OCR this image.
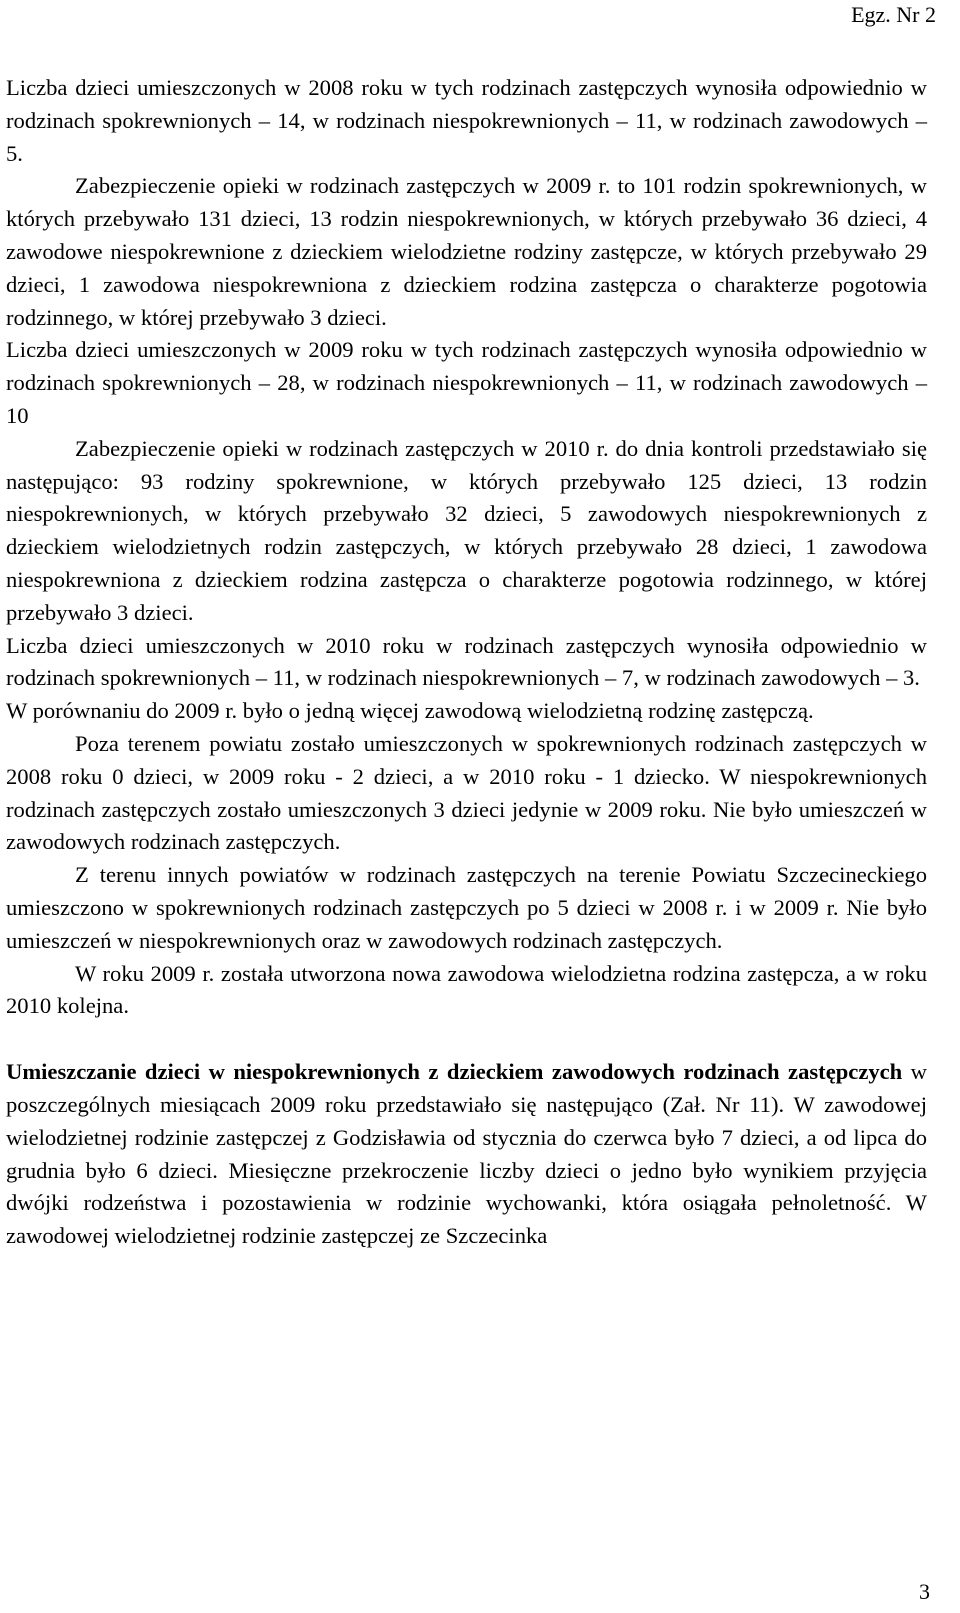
Egz. Nr 2

Liczba dzieci umieszczonych w 2008 roku w tych rodzinach zastępczych wynosiła odpowiednio w rodzinach spokrewnionych – 14, w rodzinach niespokrewnionych – 11, w rodzinach zawodowych – 5.

Zabezpieczenie opieki w rodzinach zastępczych w 2009 r. to 101 rodzin spokrewnionych, w których przebywało 131 dzieci, 13 rodzin niespokrewnionych, w których przebywało 36 dzieci, 4 zawodowe niespokrewnione z dzieckiem wielodzietne rodziny zastępcze, w których przebywało 29 dzieci, 1 zawodowa niespokrewniona z dzieckiem rodzina zastępcza o charakterze pogotowia rodzinnego, w której przebywało 3 dzieci.

Liczba dzieci umieszczonych w 2009 roku w tych rodzinach zastępczych wynosiła odpowiednio w rodzinach spokrewnionych – 28, w rodzinach niespokrewnionych – 11, w rodzinach zawodowych – 10

Zabezpieczenie opieki w rodzinach zastępczych w 2010 r. do dnia kontroli przedstawiało się następująco: 93 rodziny spokrewnione, w których przebywało 125 dzieci, 13 rodzin niespokrewnionych, w których przebywało 32 dzieci, 5 zawodowych niespokrewnionych z dzieckiem wielodzietnych rodzin zastępczych, w których przebywało 28 dzieci, 1 zawodowa niespokrewniona z dzieckiem rodzina zastępcza o charakterze pogotowia rodzinnego, w której przebywało 3 dzieci.

Liczba dzieci umieszczonych w 2010 roku w rodzinach zastępczych wynosiła odpowiednio w rodzinach spokrewnionych – 11, w rodzinach niespokrewnionych – 7, w rodzinach zawodowych – 3.

W porównaniu do 2009 r. było o jedną więcej zawodową wielodzietną rodzinę zastępczą.

Poza terenem powiatu zostało umieszczonych w spokrewnionych rodzinach zastępczych w 2008 roku 0 dzieci, w 2009 roku - 2 dzieci, a w 2010 roku - 1 dziecko. W niespokrewnionych rodzinach zastępczych zostało umieszczonych 3 dzieci jedynie w 2009 roku. Nie było umieszczeń w zawodowych rodzinach zastępczych.

Z terenu innych powiatów w rodzinach zastępczych na terenie Powiatu Szczecineckiego umieszczono w spokrewnionych rodzinach zastępczych po 5 dzieci w 2008 r. i w 2009 r. Nie było umieszczeń w niespokrewnionych oraz w zawodowych rodzinach zastępczych.

W roku 2009 r. została utworzona nowa zawodowa wielodzietna rodzina zastępcza, a w roku 2010 kolejna.

Umieszczanie dzieci w niespokrewnionych z dzieckiem zawodowych rodzinach zastępczych w poszczególnych miesiącach 2009 roku przedstawiało się następująco (Zał. Nr 11). W zawodowej wielodzietnej rodzinie zastępczej z Godzisławia od stycznia do czerwca było 7 dzieci, a od lipca do grudnia było 6 dzieci. Miesięczne przekroczenie liczby dzieci o jedno było wynikiem przyjęcia dwójki rodzeństwa i pozostawienia w rodzinie wychowanki, która osiągała pełnoletność. W zawodowej wielodzietnej rodzinie zastępczej ze Szczecinka

3
